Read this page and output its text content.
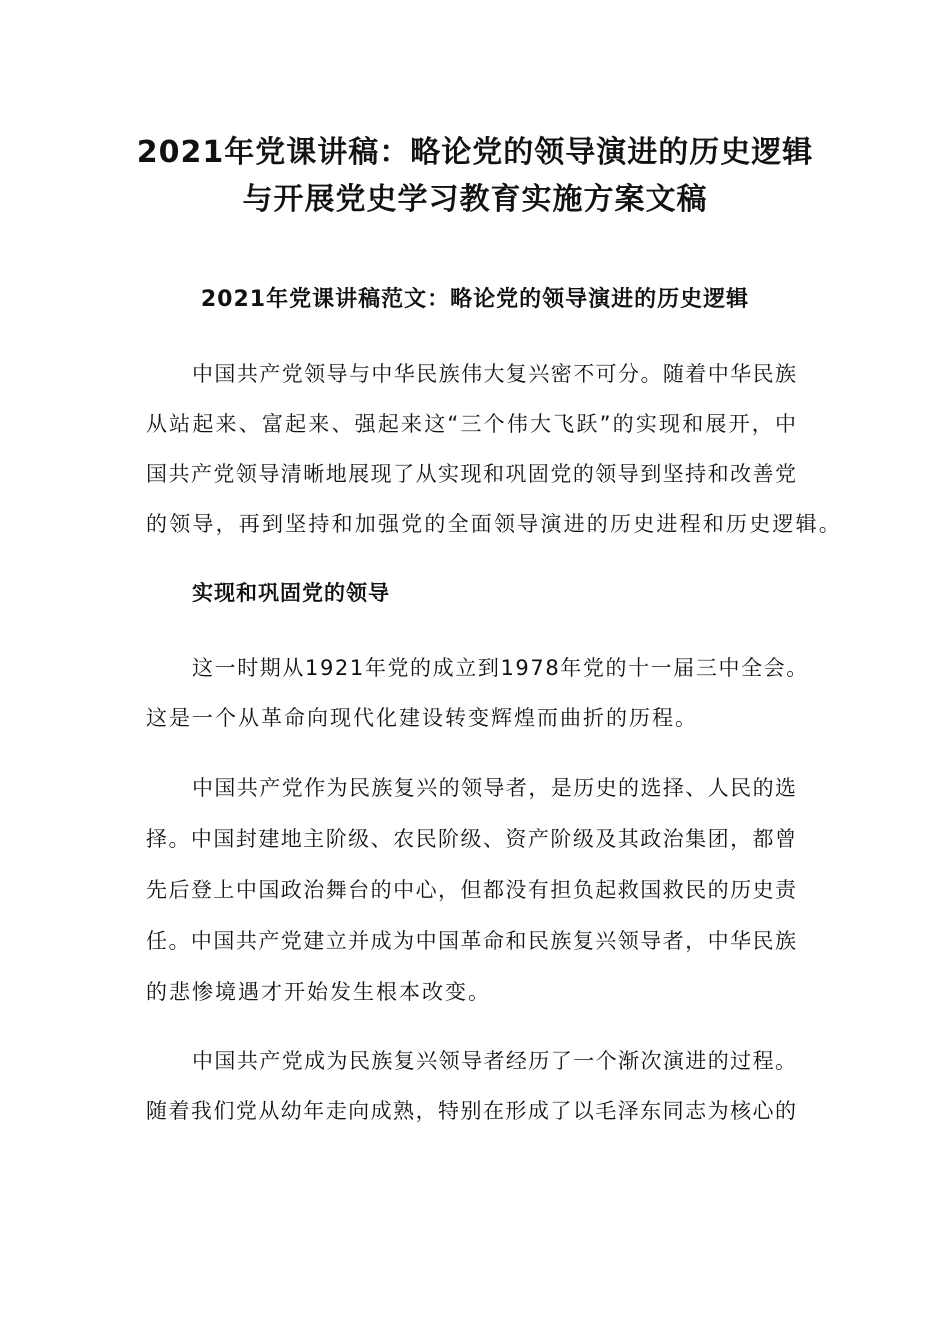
2021年党课讲稿：略论党的领导演进的历史逻辑
与开展党史学习教育实施方案文稿
2021年党课讲稿范文：略论党的领导演进的历史逻辑
中国共产党领导与中华民族伟大复兴密不可分。随着中华民族
从站起来、富起来、强起来这“三个伟大飞跃”的实现和展开，中
国共产党领导清晰地展现了从实现和巩固党的领导到坚持和改善党
的领导，再到坚持和加强党的全面领导演进的历史进程和历史逻辑。
实现和巩固党的领导
这一时期从1921年党的成立到1978年党的十一届三中全会。
这是一个从革命向现代化建设转变辉煌而曲折的历程。
中国共产党作为民族复兴的领导者，是历史的选择、人民的选
择。中国封建地主阶级、农民阶级、资产阶级及其政治集团，都曾
先后登上中国政治舞台的中心，但都没有担负起救国救民的历史责
任。中国共产党建立并成为中国革命和民族复兴领导者，中华民族
的悲惨境遇才开始发生根本改变。
中国共产党成为民族复兴领导者经历了一个渐次演进的过程。
随着我们党从幼年走向成熟，特别在形成了以毛泽东同志为核心的
